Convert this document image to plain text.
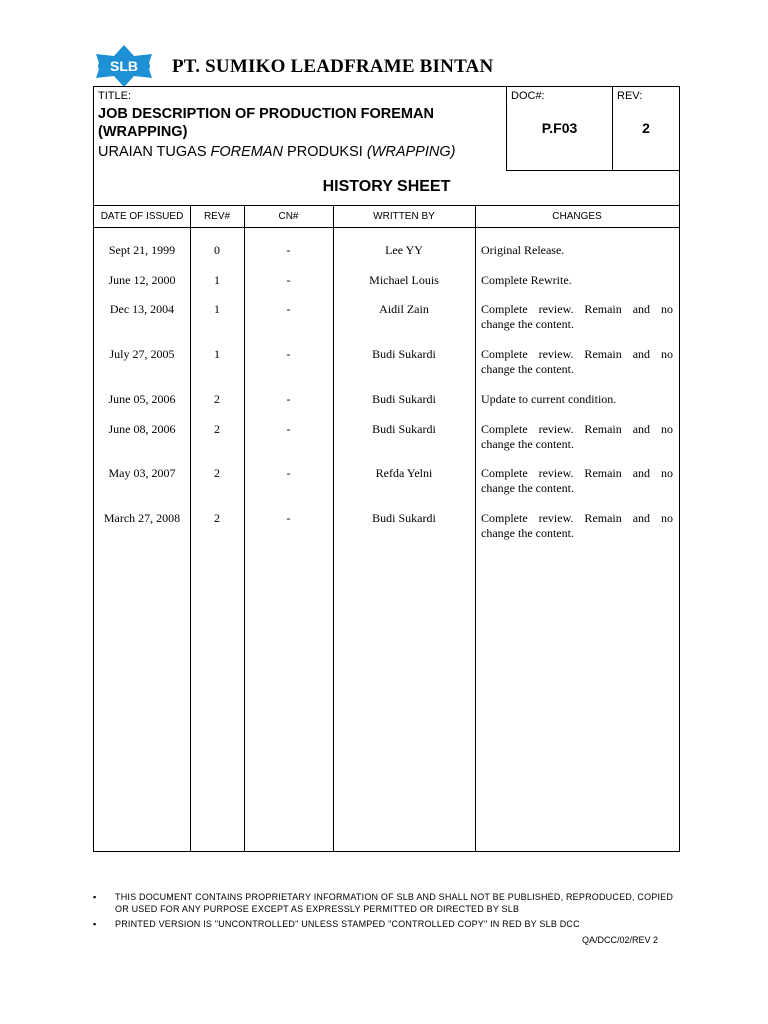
SLB PT. SUMIKO LEADFRAME BINTAN
TITLE:
JOB DESCRIPTION OF PRODUCTION FOREMAN (WRAPPING)
URAIAN TUGAS FOREMAN PRODUKSI (WRAPPING)
DOC#:
P.F03
REV:
2
HISTORY SHEET
DATE OF ISSUED	REV#	CN#	WRITTEN BY	CHANGES
Sept 21, 1999	0	-	Lee YY	Original Release.
June 12, 2000	1	-	Michael Louis	Complete Rewrite.
Dec 13, 2004	1	-	Aidil Zain	Complete review. Remain and no change the content.
July 27, 2005	1	-	Budi Sukardi	Complete review. Remain and no change the content.
June 05, 2006	2	-	Budi Sukardi	Update to current condition.
June 08, 2006	2	-	Budi Sukardi	Complete review. Remain and no change the content.
May 03, 2007	2	-	Refda Yelni	Complete review. Remain and no change the content.
March 27, 2008	2	-	Budi Sukardi	Complete review. Remain and no change the content.
▪ THIS DOCUMENT CONTAINS PROPRIETARY INFORMATION OF SLB AND SHALL NOT BE PUBLISHED, REPRODUCED, COPIED OR USED FOR ANY PURPOSE EXCEPT AS EXPRESSLY PERMITTED OR DIRECTED BY SLB
▪ PRINTED VERSION IS "UNCONTROLLED" UNLESS STAMPED "CONTROLLED COPY" IN RED BY SLB DCC
QA/DCC/02/REV 2
